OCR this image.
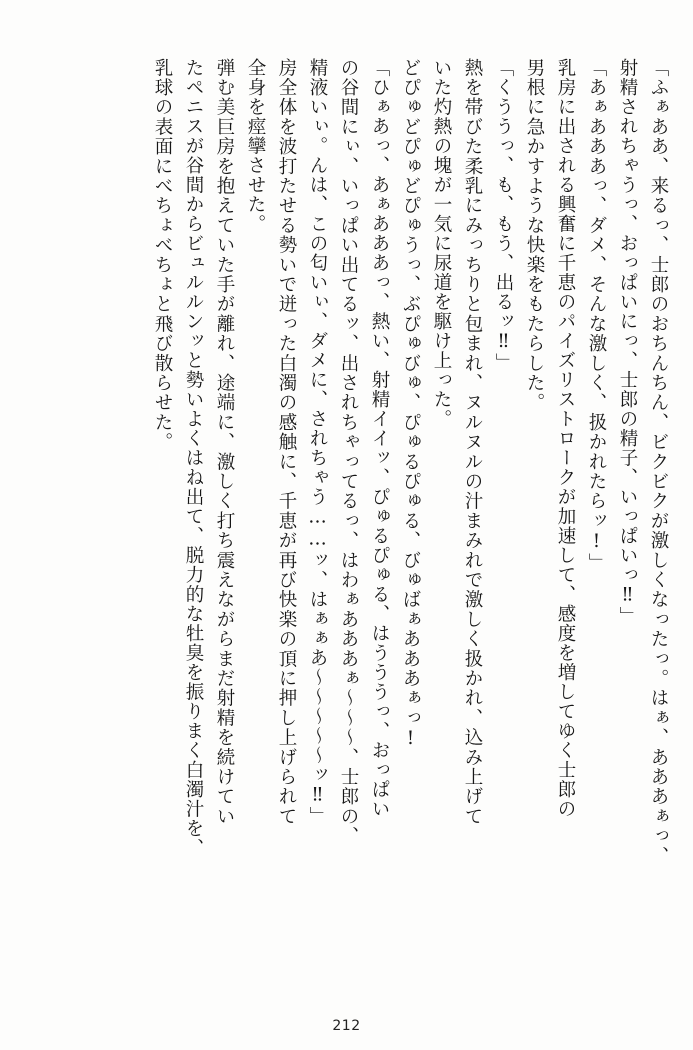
「ふぁああ、来るっ、士郎のおちんちん、ビクビクが激しくなったっ。はぁ、あああぁっ、
射精されちゃうっ、おっぱいにっ、士郎の精子、いっぱいっ‼」
「あぁあああっ、ダメ、そんな激しく、扱かれたらッ!」
乳房に出される興奮に千恵のパイズリストロークが加速して、感度を増してゆく士郎の
男根に急かすような快楽をもたらした。
「くううっ、も、もう、出るッ‼」
熱を帯びた柔乳にみっちりと包まれ、ヌルヌルの汁まみれで激しく扱かれ、込み上げて
いた灼熱の塊が一気に尿道を駆け上った。
どぴゅどぴゅどぴゅうっ、ぶぴゅびゅ、ぴゅるぴゅる、びゅばぁあああぁっ!
「ひぁあっ、あぁあああっ、熱い、射精イイッ、ぴゅるぴゅる、はうううっ、おっぱい
の谷間にぃ、いっぱい出てるッ、出されちゃってるっ、はわぁあああぁ～～～、士郎の、
精液いぃ。んは、この匂いぃ、ダメに、されちゃう……ッ、はぁぁあ～～～～～ッ‼」
房全体を波打たせる勢いで迸った白濁の感触に、千恵が再び快楽の頂に押し上げられて
全身を痙攣させた。
弾む美巨房を抱えていた手が離れ、途端に、激しく打ち震えながらまだ射精を続けてい
たペニスが谷間からビュルルンッと勢いよくはね出て、脱力的な牡臭を振りまく白濁汁を、
乳球の表面にべちょべちょと飛び散らせた。
212
